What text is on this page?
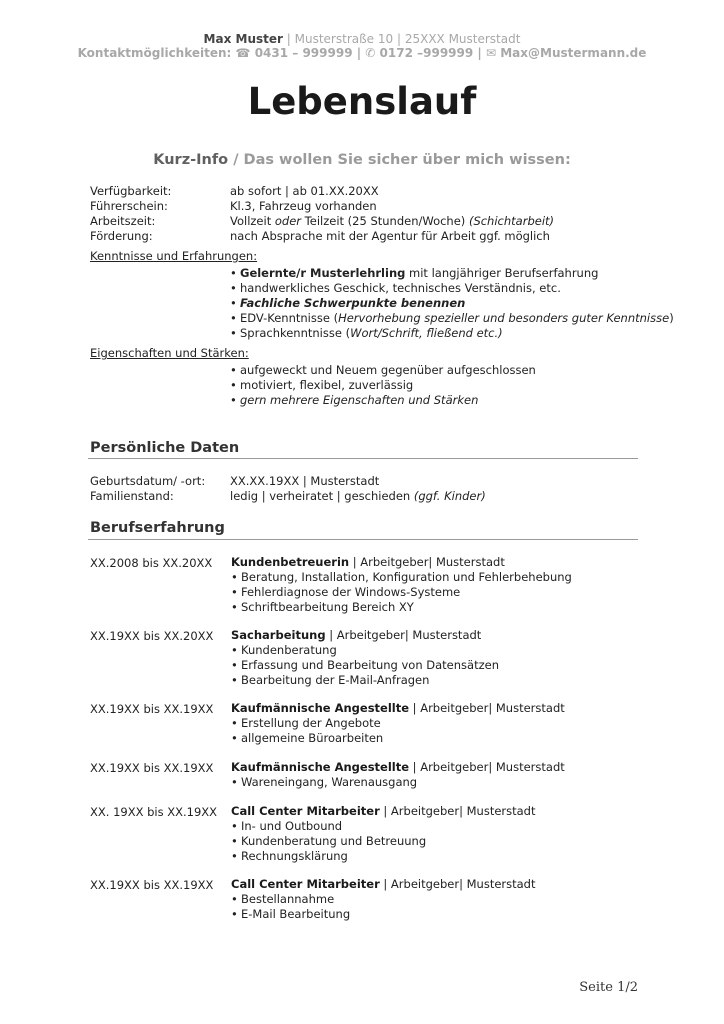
Max Muster | Musterstraße 10 | 25XXX Musterstadt
Kontaktmöglichkeiten: ☎ 0431 – 999999 | ✆ 0172 –999999 | ✉ Max@Mustermann.de
Lebenslauf
Kurz-Info / Das wollen Sie sicher über mich wissen:
Verfügbarkeit:	ab sofort | ab 01.XX.20XX
Führerschein:	Kl.3, Fahrzeug vorhanden
Arbeitszeit:	Vollzeit oder Teilzeit (25 Stunden/Woche) (Schichtarbeit)
Förderung:	nach Absprache mit der Agentur für Arbeit ggf. möglich
Kenntnisse und Erfahrungen:
• Gelernte/r Musterlehrling mit langjähriger Berufserfahrung
• handwerkliches Geschick, technisches Verständnis, etc.
• Fachliche Schwerpunkte benennen
• EDV-Kenntnisse (Hervorhebung spezieller und besonders guter Kenntnisse)
• Sprachkenntnisse (Wort/Schrift, fließend etc.)
Eigenschaften und Stärken:
• aufgeweckt und Neuem gegenüber aufgeschlossen
• motiviert, flexibel, zuverlässig
• gern mehrere Eigenschaften und Stärken
Persönliche Daten
Geburtsdatum/ -ort: XX.XX.19XX | Musterstadt
Familienstand:	ledig | verheiratet | geschieden (ggf. Kinder)
Berufserfahrung
XX.2008 bis XX.20XX Kundenbetreuerin | Arbeitgeber| Musterstadt
• Beratung, Installation, Konfiguration und Fehlerbehebung
• Fehlerdiagnose der Windows-Systeme
• Schriftbearbeitung Bereich XY
XX.19XX bis XX.20XX Sacharbeitung | Arbeitgeber| Musterstadt
• Kundenberatung
• Erfassung und Bearbeitung von Datensätzen
• Bearbeitung der E-Mail-Anfragen
XX.19XX bis XX.19XX Kaufmännische Angestellte | Arbeitgeber| Musterstadt
• Erstellung der Angebote
• allgemeine Büroarbeiten
XX.19XX bis XX.19XX Kaufmännische Angestellte | Arbeitgeber| Musterstadt
• Wareneingang, Warenausgang
XX. 19XX bis XX.19XX Call Center Mitarbeiter | Arbeitgeber| Musterstadt
• In- und Outbound
• Kundenberatung und Betreuung
• Rechnungsklärung
XX.19XX bis XX.19XX Call Center Mitarbeiter | Arbeitgeber| Musterstadt
• Bestellannahme
• E-Mail Bearbeitung
Seite 1/2
